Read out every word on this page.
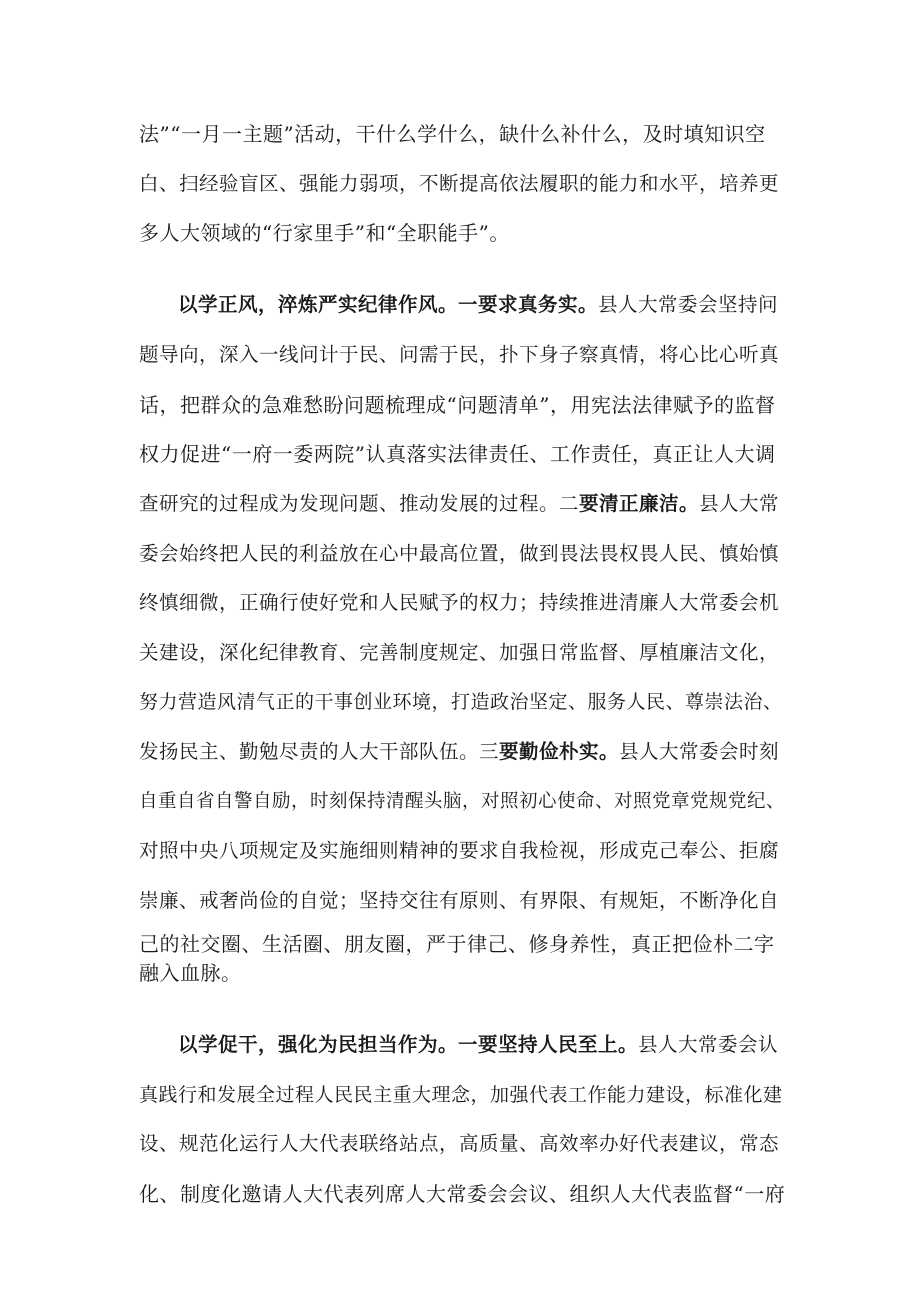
法”“一月一主题”活动，干什么学什么，缺什么补什么，及时填知识空
白、扫经验盲区、强能力弱项，不断提高依法履职的能力和水平，培养更
多人大领域的“行家里手”和“全职能手”。
以学正风，淬炼严实纪律作风。一要求真务实。县人大常委会坚持问
题导向，深入一线问计于民、问需于民，扑下身子察真情，将心比心听真
话，把群众的急难愁盼问题梳理成“问题清单”，用宪法法律赋予的监督
权力促进“一府一委两院”认真落实法律责任、工作责任，真正让人大调
查研究的过程成为发现问题、推动发展的过程。二要清正廉洁。县人大常
委会始终把人民的利益放在心中最高位置，做到畏法畏权畏人民、慎始慎
终慎细微，正确行使好党和人民赋予的权力；持续推进清廉人大常委会机
关建设，深化纪律教育、完善制度规定、加强日常监督、厚植廉洁文化，
努力营造风清气正的干事创业环境，打造政治坚定、服务人民、尊崇法治、
发扬民主、勤勉尽责的人大干部队伍。三要勤俭朴实。县人大常委会时刻
自重自省自警自励，时刻保持清醒头脑，对照初心使命、对照党章党规党纪、
对照中央八项规定及实施细则精神的要求自我检视，形成克己奉公、拒腐
崇廉、戒奢尚俭的自觉；坚持交往有原则、有界限、有规矩，不断净化自
己的社交圈、生活圈、朋友圈，严于律己、修身养性，真正把俭朴二字
融入血脉。
以学促干，强化为民担当作为。一要坚持人民至上。县人大常委会认
真践行和发展全过程人民民主重大理念，加强代表工作能力建设，标准化建
设、规范化运行人大代表联络站点，高质量、高效率办好代表建议，常态
化、制度化邀请人大代表列席人大常委会会议、组织人大代表监督“一府
